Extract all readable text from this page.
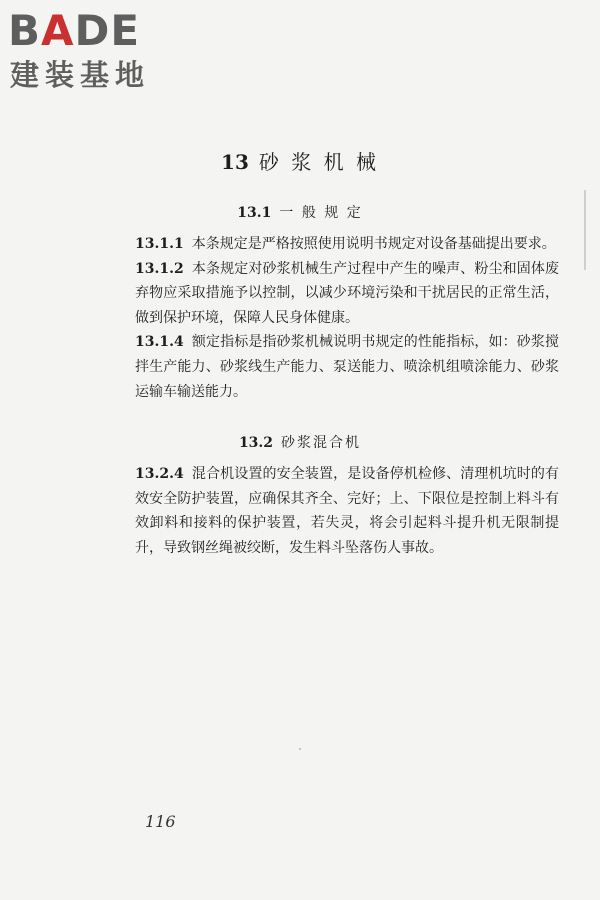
BADE
建装基地
13 砂 浆 机 械
13.1 一 般 规 定

13.1.1 本条规定是严格按照使用说明书规定对设备基础提出要求。

13.1.2 本条规定对砂浆机械生产过程中产生的噪声、粉尘和固体废弃物应采取措施予以控制，以减少环境污染和干扰居民的正常生活，做到保护环境，保障人民身体健康。

13.1.4 额定指标是指砂浆机械说明书规定的性能指标，如：砂浆搅拌生产能力、砂浆线生产能力、泵送能力、喷涂机组喷涂能力、砂浆运输车输送能力。

13.2 砂浆混合机

13.2.4 混合机设置的安全装置，是设备停机检修、清理机坑时的有效安全防护装置，应确保其齐全、完好；上、下限位是控制上料斗有效卸料和接料的保护装置，若失灵，将会引起料斗提升机无限制提升，导致钢丝绳被绞断，发生料斗坠落伤人事故。

116
